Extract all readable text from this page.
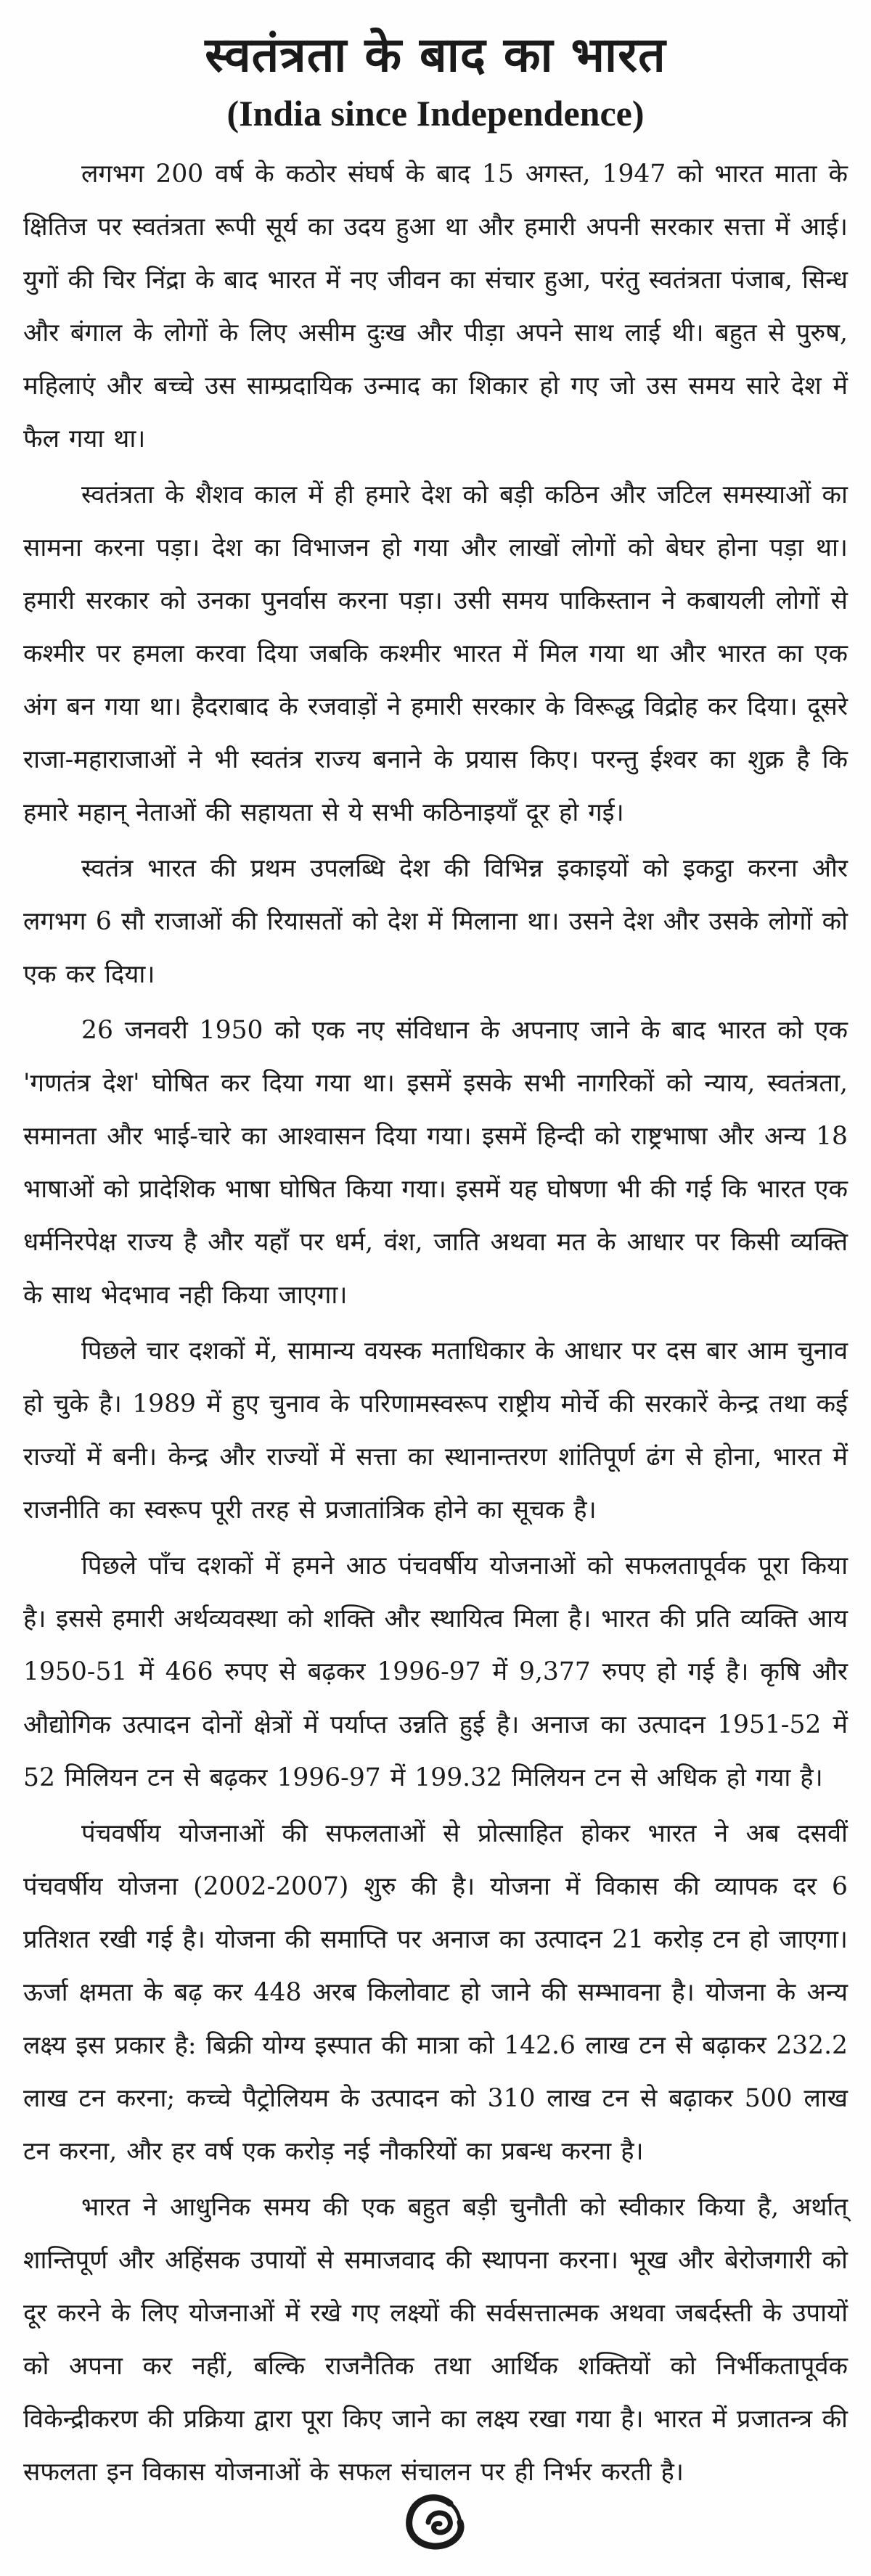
स्वतंत्रता के बाद का भारत
(India since Independence)

लगभग 200 वर्ष के कठोर संघर्ष के बाद 15 अगस्त, 1947 को भारत माता के क्षितिज पर स्वतंत्रता रूपी सूर्य का उदय हुआ था और हमारी अपनी सरकार सत्ता में आई। युगों की चिर निंद्रा के बाद भारत में नए जीवन का संचार हुआ, परंतु स्वतंत्रता पंजाब, सिन्ध और बंगाल के लोगों के लिए असीम दुःख और पीड़ा अपने साथ लाई थी। बहुत से पुरुष, महिलाएं और बच्चे उस साम्प्रदायिक उन्माद का शिकार हो गए जो उस समय सारे देश में फैल गया था।

स्वतंत्रता के शैशव काल में ही हमारे देश को बड़ी कठिन और जटिल समस्याओं का सामना करना पड़ा। देश का विभाजन हो गया और लाखों लोगों को बेघर होना पड़ा था। हमारी सरकार को उनका पुनर्वास करना पड़ा। उसी समय पाकिस्तान ने कबायली लोगों से कश्मीर पर हमला करवा दिया जबकि कश्मीर भारत में मिल गया था और भारत का एक अंग बन गया था। हैदराबाद के रजवाड़ों ने हमारी सरकार के विरूद्ध विद्रोह कर दिया। दूसरे राजा-महाराजाओं ने भी स्वतंत्र राज्य बनाने के प्रयास किए। परन्तु ईश्वर का शुक्र है कि हमारे महान् नेताओं की सहायता से ये सभी कठिनाइयाँ दूर हो गई।

स्वतंत्र भारत की प्रथम उपलब्धि देश की विभिन्न इकाइयों को इकट्ठा करना और लगभग 6 सौ राजाओं की रियासतों को देश में मिलाना था। उसने देश और उसके लोगों को एक कर दिया।

26 जनवरी 1950 को एक नए संविधान के अपनाए जाने के बाद भारत को एक 'गणतंत्र देश' घोषित कर दिया गया था। इसमें इसके सभी नागरिकों को न्याय, स्वतंत्रता, समानता और भाई-चारे का आश्वासन दिया गया। इसमें हिन्दी को राष्ट्रभाषा और अन्य 18 भाषाओं को प्रादेशिक भाषा घोषित किया गया। इसमें यह घोषणा भी की गई कि भारत एक धर्मनिरपेक्ष राज्य है और यहाँ पर धर्म, वंश, जाति अथवा मत के आधार पर किसी व्यक्ति के साथ भेदभाव नही किया जाएगा।

पिछले चार दशकों में, सामान्य वयस्क मताधिकार के आधार पर दस बार आम चुनाव हो चुके है। 1989 में हुए चुनाव के परिणामस्वरूप राष्ट्रीय मोर्चे की सरकारें केन्द्र तथा कई राज्यों में बनी। केन्द्र और राज्यों में सत्ता का स्थानान्तरण शांतिपूर्ण ढंग से होना, भारत में राजनीति का स्वरूप पूरी तरह से प्रजातांत्रिक होने का सूचक है।

पिछले पाँच दशकों में हमने आठ पंचवर्षीय योजनाओं को सफलतापूर्वक पूरा किया है। इससे हमारी अर्थव्यवस्था को शक्ति और स्थायित्व मिला है। भारत की प्रति व्यक्ति आय 1950-51 में 466 रुपए से बढ़कर 1996-97 में 9,377 रुपए हो गई है। कृषि और औद्योगिक उत्पादन दोनों क्षेत्रों में पर्याप्त उन्नति हुई है। अनाज का उत्पादन 1951-52 में 52 मिलियन टन से बढ़कर 1996-97 में 199.32 मिलियन टन से अधिक हो गया है।

पंचवर्षीय योजनाओं की सफलताओं से प्रोत्साहित होकर भारत ने अब दसवीं पंचवर्षीय योजना (2002-2007) शुरु की है। योजना में विकास की व्यापक दर 6 प्रतिशत रखी गई है। योजना की समाप्ति पर अनाज का उत्पादन 21 करोड़ टन हो जाएगा। ऊर्जा क्षमता के बढ़ कर 448 अरब किलोवाट हो जाने की सम्भावना है। योजना के अन्य लक्ष्य इस प्रकार है: बिक्री योग्य इस्पात की मात्रा को 142.6 लाख टन से बढ़ाकर 232.2 लाख टन करना; कच्चे पैट्रोलियम के उत्पादन को 310 लाख टन से बढ़ाकर 500 लाख टन करना, और हर वर्ष एक करोड़ नई नौकरियों का प्रबन्ध करना है।

भारत ने आधुनिक समय की एक बहुत बड़ी चुनौती को स्वीकार किया है, अर्थात् शान्तिपूर्ण और अहिंसक उपायों से समाजवाद की स्थापना करना। भूख और बेरोजगारी को दूर करने के लिए योजनाओं में रखे गए लक्ष्यों की सर्वसत्तात्मक अथवा जबर्दस्ती के उपायों को अपना कर नहीं, बल्कि राजनैतिक तथा आर्थिक शक्तियों को निर्भीकतापूर्वक विकेन्द्रीकरण की प्रक्रिया द्वारा पूरा किए जाने का लक्ष्य रखा गया है। भारत में प्रजातन्त्र की सफलता इन विकास योजनाओं के सफल संचालन पर ही निर्भर करती है।
